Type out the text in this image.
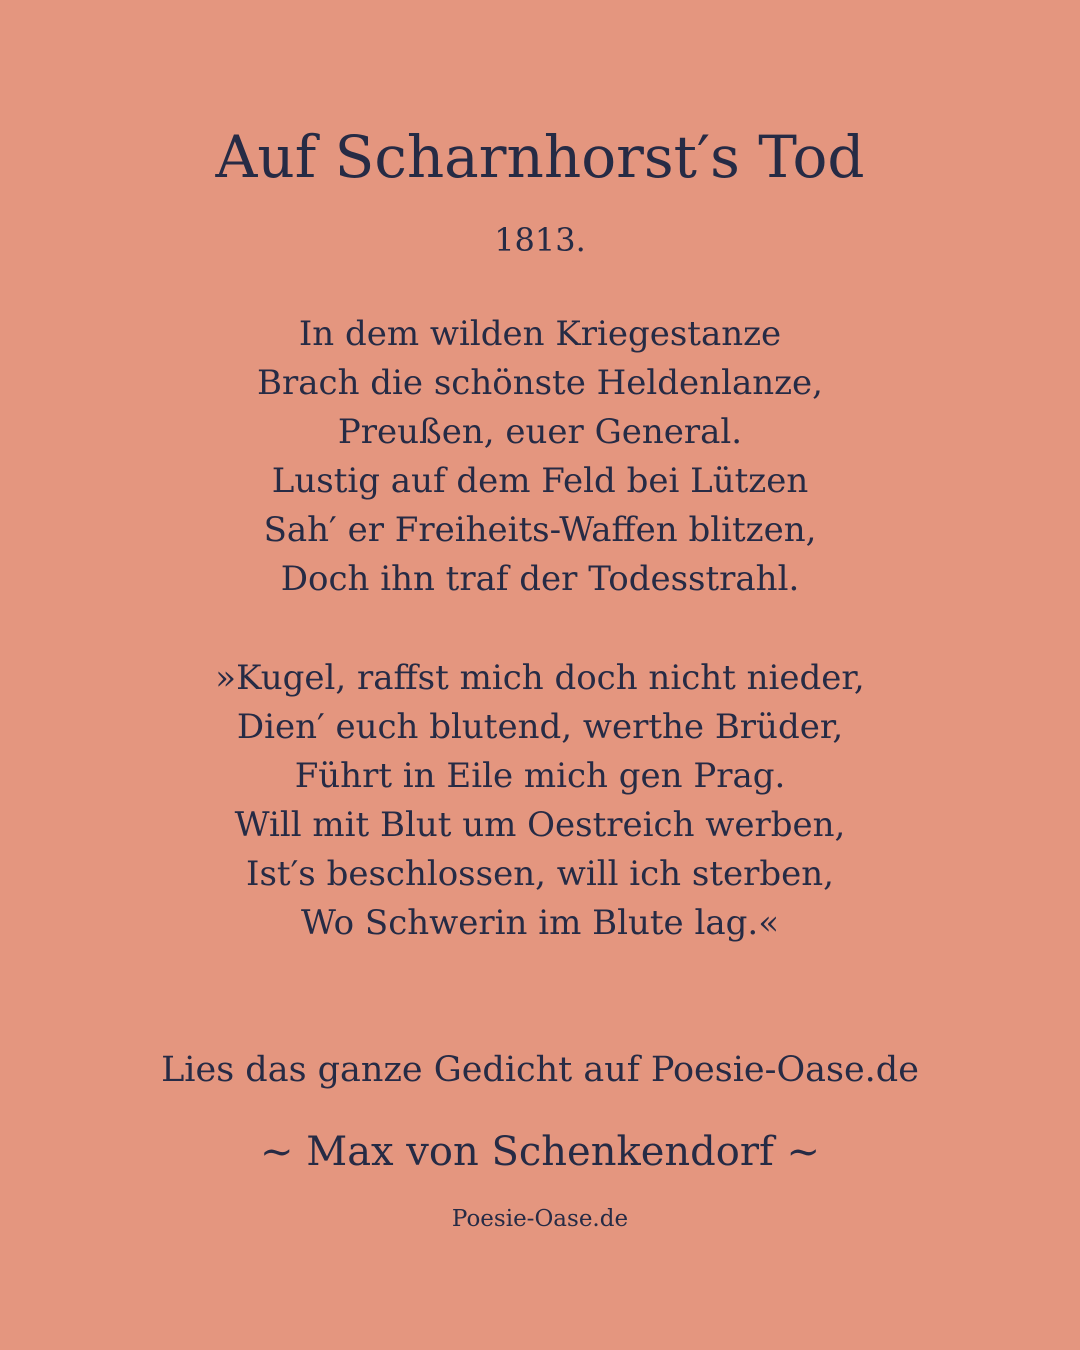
Auf Scharnhorst′s Tod
1813.
In dem wilden Kriegestanze
Brach die schönste Heldenlanze,
Preußen, euer General.
Lustig auf dem Feld bei Lützen
Sah′ er Freiheits-Waffen blitzen,
Doch ihn traf der Todesstrahl.
»Kugel, raffst mich doch nicht nieder,
Dien′ euch blutend, werthe Brüder,
Führt in Eile mich gen Prag.
Will mit Blut um Oestreich werben,
Ist′s beschlossen, will ich sterben,
Wo Schwerin im Blute lag.«
Lies das ganze Gedicht auf Poesie-Oase.de
~ Max von Schenkendorf ~
Poesie-Oase.de
